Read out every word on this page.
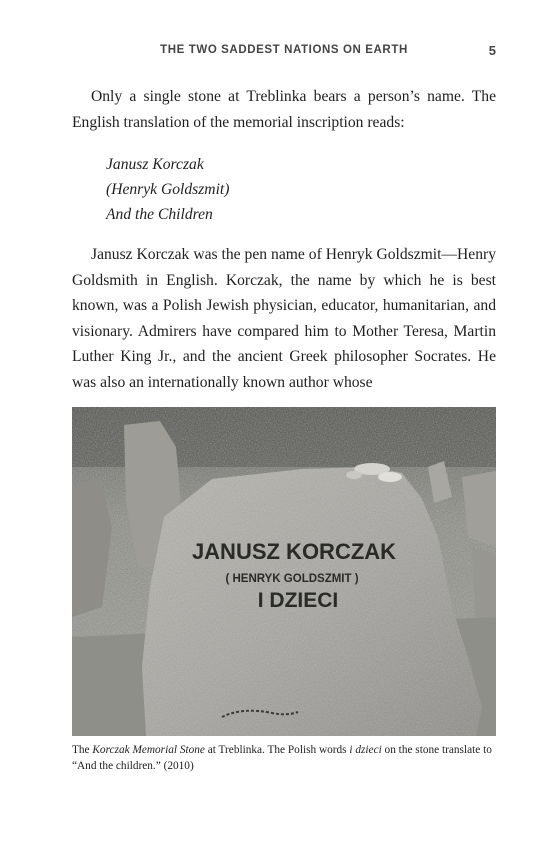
THE TWO SADDEST NATIONS ON EARTH	5

Only a single stone at Treblinka bears a person’s name. The English translation of the memorial inscription reads:

Janusz Korczak
(Henryk Goldszmit)
And the Children

Janusz Korczak was the pen name of Henryk Goldszmit—Henry Goldsmith in English. Korczak, the name by which he is best known, was a Polish Jewish physician, educator, humanitarian, and visionary. Admirers have compared him to Mother Teresa, Martin Luther King Jr., and the ancient Greek philosopher Socrates. He was also an internationally known author whose

JANUSZ KORCZAK
( HENRYK GOLDSZMIT )
I DZIECI
The Korczak Memorial Stone at Treblinka. The Polish words i dzieci on the stone translate to “And the children.” (2010)
